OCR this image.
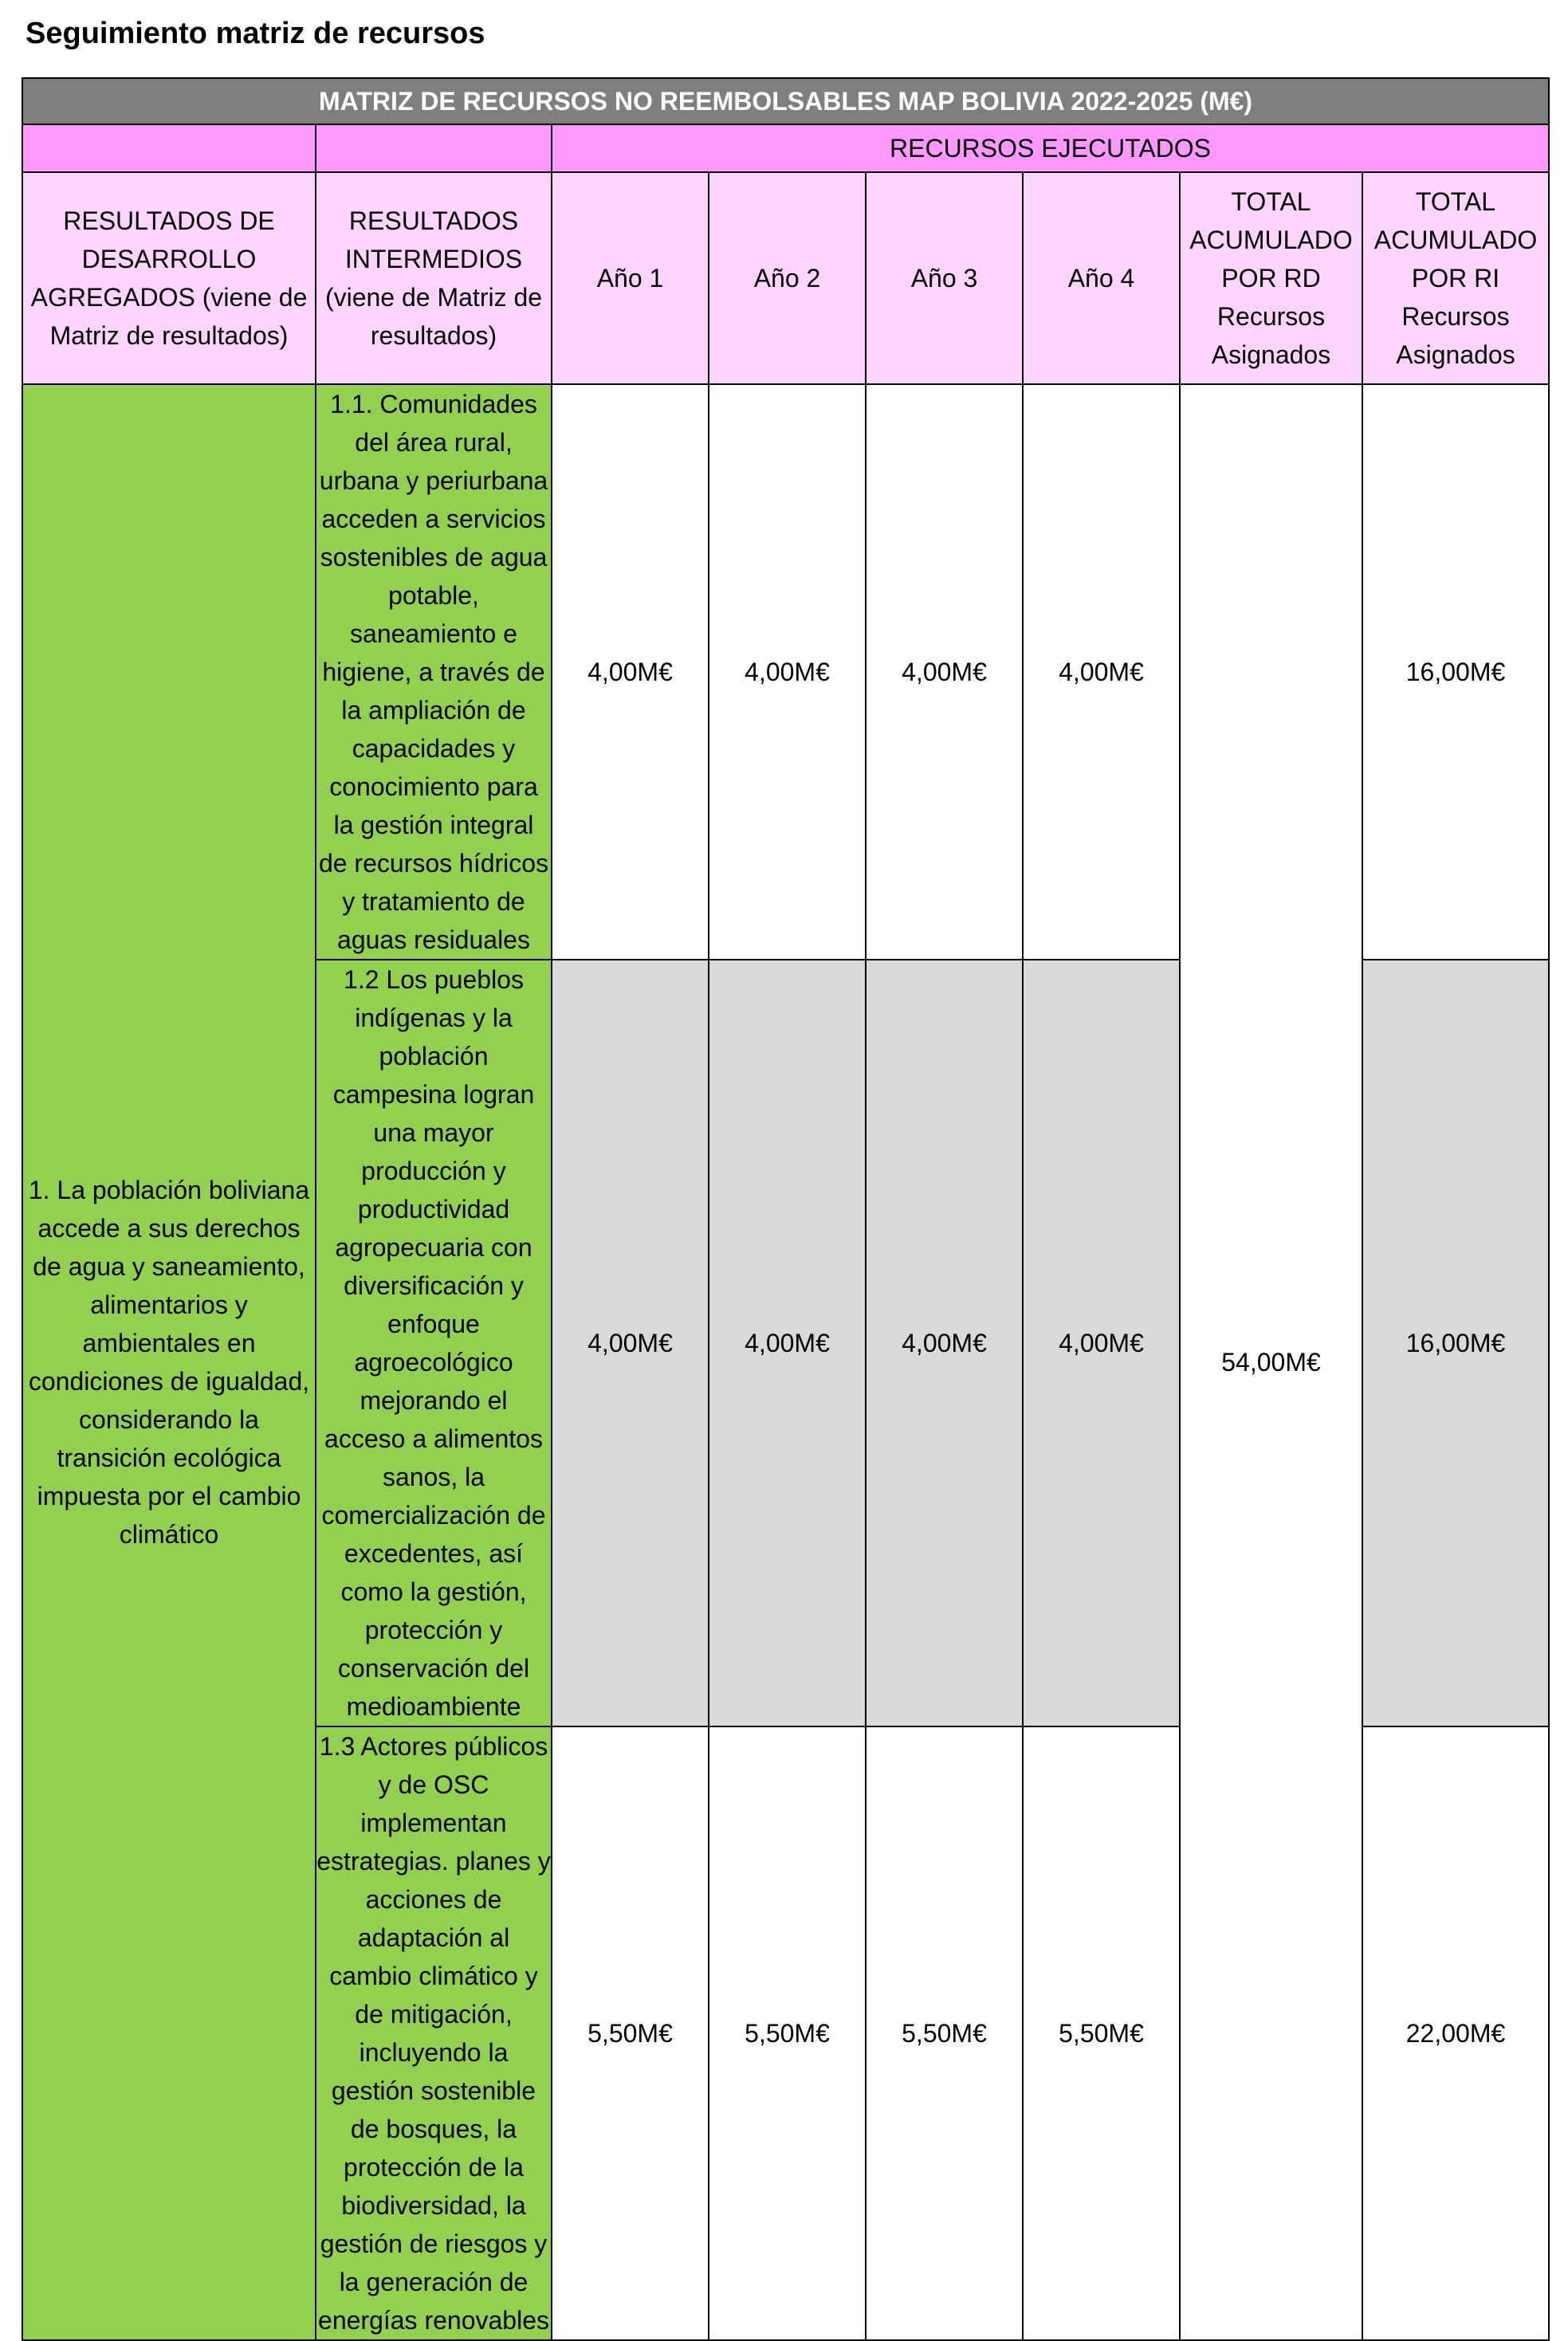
Seguimiento matriz de recursos
MATRIZ DE RECURSOS NO REEMBOLSABLES MAP BOLIVIA 2022-2025 (M€)							
		RECURSOS EJECUTADOS					
RESULTADOS DE DESARROLLO AGREGADOS (viene de Matriz de resultados)	RESULTADOS INTERMEDIOS (viene de Matriz de resultados)	Año 1	Año 2	Año 3	Año 4	TOTAL ACUMULADO POR RD Recursos Asignados	TOTAL ACUMULADO POR RI Recursos Asignados
1. La población boliviana accede a sus derechos de agua y saneamiento, alimentarios y ambientales en condiciones de igualdad, considerando la transición ecológica impuesta por el cambio climático	1.1. Comunidades del área rural, urbana y periurbana acceden a servicios sostenibles de agua potable, saneamiento e higiene, a través de la ampliación de capacidades y conocimiento para la gestión integral de recursos hídricos y tratamiento de aguas residuales	4,00M€	4,00M€	4,00M€	4,00M€	54,00M€	16,00M€
	1.2 Los pueblos indígenas y la población campesina logran una mayor producción y productividad agropecuaria con diversificación y enfoque agroecológico mejorando el acceso a alimentos sanos, la comercialización de excedentes, así como la gestión, protección y conservación del medioambiente	4,00M€	4,00M€	4,00M€	4,00M€		16,00M€
	1.3 Actores públicos y de OSC implementan estrategias. planes y acciones de adaptación al cambio climático y de mitigación, incluyendo la gestión sostenible de bosques, la protección de la biodiversidad, la gestión de riesgos y la generación de energías renovables	5,50M€	5,50M€	5,50M€	5,50M€		22,00M€
